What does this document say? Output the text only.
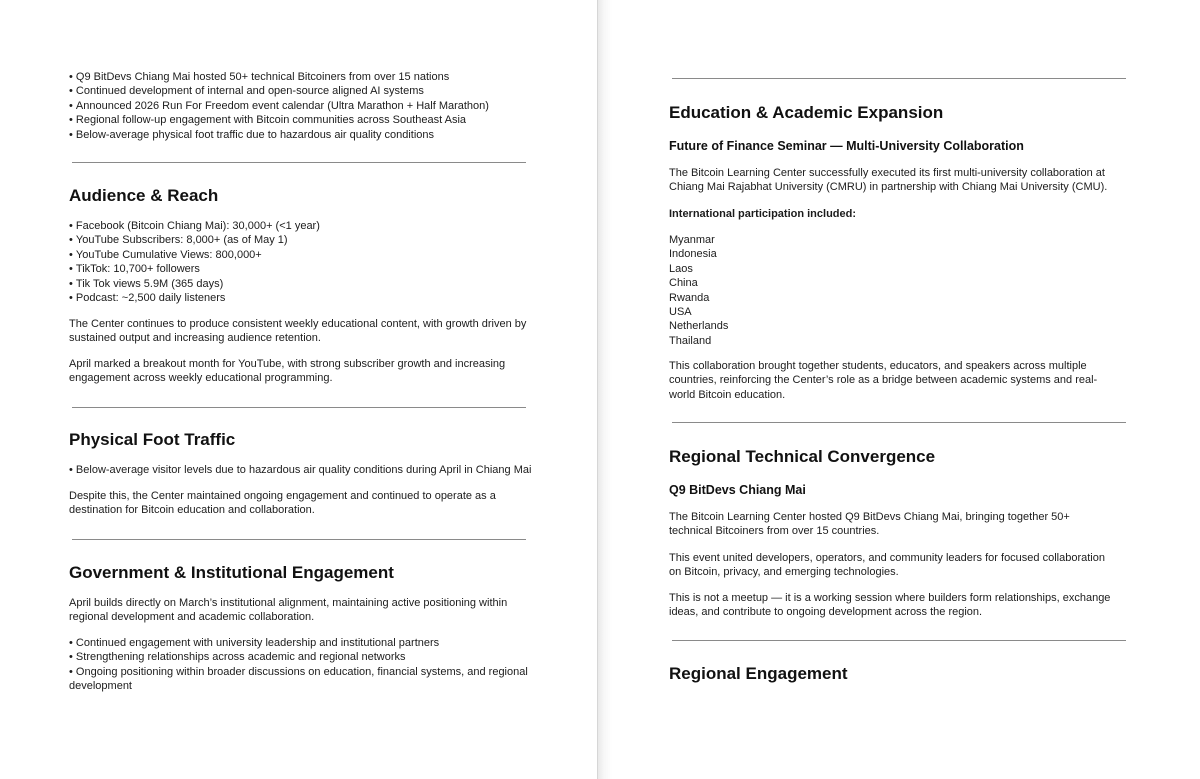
• Q9 BitDevs Chiang Mai hosted 50+ technical Bitcoiners from over 15 nations
• Continued development of internal and open-source aligned AI systems
• Announced 2026 Run For Freedom event calendar (Ultra Marathon + Half Marathon)
• Regional follow-up engagement with Bitcoin communities across Southeast Asia
• Below-average physical foot traffic due to hazardous air quality conditions
Audience & Reach
• Facebook (Bitcoin Chiang Mai): 30,000+ (<1 year)
• YouTube Subscribers: 8,000+ (as of May 1)
• YouTube Cumulative Views: 800,000+
• TikTok: 10,700+ followers
• Tik Tok views 5.9M (365 days)
• Podcast: ~2,500 daily listeners
The Center continues to produce consistent weekly educational content, with growth driven by sustained output and increasing audience retention.
April marked a breakout month for YouTube, with strong subscriber growth and increasing engagement across weekly educational programming.
Physical Foot Traffic
• Below-average visitor levels due to hazardous air quality conditions during April in Chiang Mai
Despite this, the Center maintained ongoing engagement and continued to operate as a destination for Bitcoin education and collaboration.
Government & Institutional Engagement
April builds directly on March’s institutional alignment, maintaining active positioning within regional development and academic collaboration.
• Continued engagement with university leadership and institutional partners
• Strengthening relationships across academic and regional networks
• Ongoing positioning within broader discussions on education, financial systems, and regional development
Education & Academic Expansion
Future of Finance Seminar — Multi-University Collaboration
The Bitcoin Learning Center successfully executed its first multi-university collaboration at Chiang Mai Rajabhat University (CMRU) in partnership with Chiang Mai University (CMU).
International participation included:
Myanmar
Indonesia
Laos
China
Rwanda
USA
Netherlands
Thailand
This collaboration brought together students, educators, and speakers across multiple countries, reinforcing the Center’s role as a bridge between academic systems and real-world Bitcoin education.
Regional Technical Convergence
Q9 BitDevs Chiang Mai
The Bitcoin Learning Center hosted Q9 BitDevs Chiang Mai, bringing together 50+ technical Bitcoiners from over 15 countries.
This event united developers, operators, and community leaders for focused collaboration on Bitcoin, privacy, and emerging technologies.
This is not a meetup — it is a working session where builders form relationships, exchange ideas, and contribute to ongoing development across the region.
Regional Engagement
